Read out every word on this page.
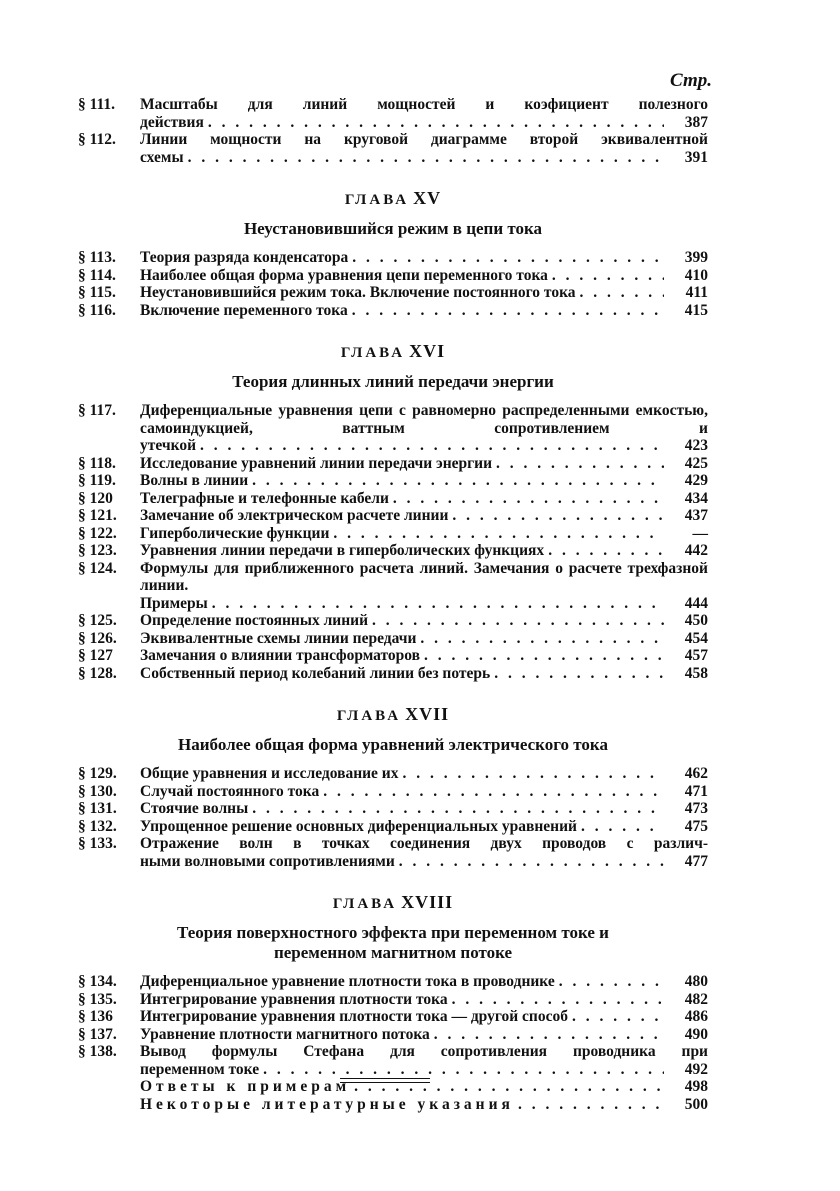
Стр.
§ 111.	Масштабы для линий мощностей и коэфициент полезного
действия . . .	387
§ 112.	Линии мощности на круговой диаграмме второй эквивалентной
схемы . . .	391
ГЛАВА XV
Неустановившийся режим в цепи тока
§ 113.	Теория разряда конденсатора . . .	399
§ 114.	Наиболее общая форма уравнения цепи переменного тока . . .	410
§ 115.	Неустановившийся режим тока. Включение постоянного тока . . .	411
§ 116.	Включение переменного тока . . .	415
ГЛАВА XVI
Теория длинных линий передачи энергии
§ 117.	Диференциальные уравнения цепи с равномерно распределенными емкостью, самоиндукцией, ваттным сопротивлением и
утечкой . . .	423
§ 118.	Исследование уравнений линии передачи энергии . . .	425
§ 119.	Волны в линии . . .	429
§ 120	Телеграфные и телефонные кабели . . .	434
§ 121.	Замечание об электрическом расчете линии . . .	437
§ 122.	Гиперболические функции . . .	—
§ 123.	Уравнения линии передачи в гиперболических функциях . . .	442
§ 124.	Формулы для приближенного расчета линий. Замечания о расчете трехфазной линии.
Примеры . . .	444
§ 125.	Определение постоянных линий . . .	450
§ 126.	Эквивалентные схемы линии передачи . . .	454
§ 127	Замечания о влиянии трансформаторов . . .	457
§ 128.	Собственный период колебаний линии без потерь . . .	458
ГЛАВА XVII
Наиболее общая форма уравнений электрического тока
§ 129.	Общие уравнения и исследование их . . .	462
§ 130.	Случай постоянного тока . . .	471
§ 131.	Стоячие волны . . .	473
§ 132.	Упрощенное решение основных диференциальных уравнений . . .	475
§ 133.	Отражение волн в точках соединения двух проводов с различ-
ными волновыми сопротивлениями . . .	477
ГЛАВА XVIII
Теория поверхностного эффекта при переменном токе и
переменном магнитном потоке
§ 134.	Диференциальное уравнение плотности тока в проводнике . . .	480
§ 135.	Интегрирование уравнения плотности тока . . .	482
§ 136	Интегрирование уравнения плотности тока — другой способ . . .	486
§ 137.	Уравнение плотности магнитного потока . . .	490
§ 138.	Вывод формулы Стефана для сопротивления проводника при
переменном токе . . .	492
Ответы к примерам . . .	498
Некоторые литературные указания . . .	500
